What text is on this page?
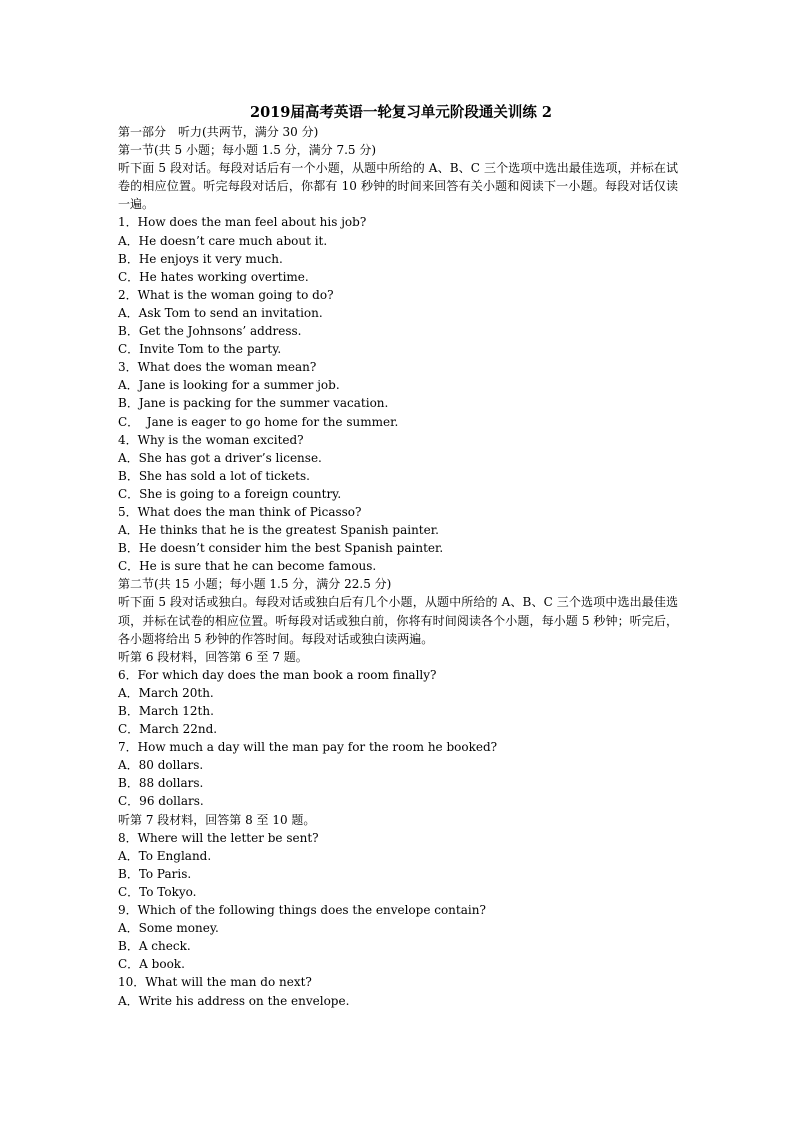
2019届高考英语一轮复习单元阶段通关训练 2
第一部分 听力(共两节，满分 30 分)
第一节(共 5 小题；每小题 1.5 分，满分 7.5 分)
听下面 5 段对话。每段对话后有一个小题，从题中所给的 A、B、C 三个选项中选出最佳选项，并标在试卷的相应位置。听完每段对话后，你都有 10 秒钟的时间来回答有关小题和阅读下一小题。每段对话仅读一遍。
1．How does the man feel about his job?
A．He doesn’t care much about it.
B．He enjoys it very much.
C．He hates working overtime.
2．What is the woman going to do?
A．Ask Tom to send an invitation.
B．Get the Johnsons’ address.
C．Invite Tom to the party.
3．What does the woman mean?
A．Jane is looking for a summer job.
B．Jane is packing for the summer vacation.
C．  Jane is eager to go home for the summer.
4．Why is the woman excited?
A．She has got a driver’s license.
B．She has sold a lot of tickets.
C．She is going to a foreign country.
5．What does the man think of Picasso?
A．He thinks that he is the greatest Spanish painter.
B．He doesn’t consider him the best Spanish painter.
C．He is sure that he can become famous.
第二节(共 15 小题；每小题 1.5 分，满分 22.5 分)
听下面 5 段对话或独白。每段对话或独白后有几个小题，从题中所给的 A、B、C 三个选项中选出最佳选项，并标在试卷的相应位置。听每段对话或独白前，你将有时间阅读各个小题，每小题 5 秒钟；听完后，各小题将给出 5 秒钟的作答时间。每段对话或独白读两遍。
听第 6 段材料，回答第 6 至 7 题。
6．For which day does the man book a room finally?
A．March 20th.
B．March 12th.
C．March 22nd.
7．How much a day will the man pay for the room he booked?
A．80 dollars.
B．88 dollars.
C．96 dollars.
听第 7 段材料，回答第 8 至 10 题。
8．Where will the letter be sent?
A．To England.
B．To Paris.
C．To Tokyo.
9．Which of the following things does the envelope contain?
A．Some money.
B．A check.
C．A book.
10．What will the man do next?
A．Write his address on the envelope.
